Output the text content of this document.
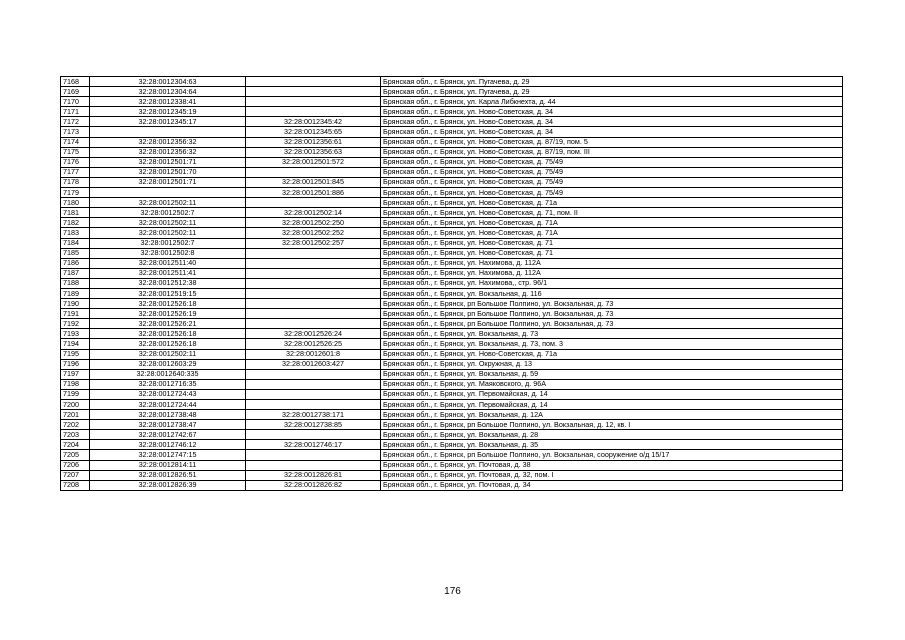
7168	32:28:0012304:63		Брянская обл., г. Брянск, ул. Пугачева, д. 29
7169	32:28:0012304:64		Брянская обл., г. Брянск, ул. Пугачева, д. 29
7170	32:28:0012338:41		Брянская обл., г. Брянск, ул. Карла Либкнехта, д. 44
7171	32:28:0012345:19		Брянская обл., г. Брянск, ул. Ново-Советская, д. 34
7172	32:28:0012345:17	32:28:0012345:42	Брянская обл., г. Брянск, ул. Ново-Советская, д. 34
7173		32:28:0012345:65	Брянская обл., г. Брянск, ул. Ново-Советская, д. 34
7174	32:28:0012356:32	32:28:0012356:61	Брянская обл., г. Брянск, ул. Ново-Советская, д. 87/19, пом. 5
7175	32:28:0012356:32	32:28:0012356:63	Брянская обл., г. Брянск, ул. Ново-Советская, д. 87/19, пом. III
7176	32:28:0012501:71	32:28:0012501:572	Брянская обл., г. Брянск, ул. Ново-Советская, д. 75/49
7177	32:28:0012501:70		Брянская обл., г. Брянск, ул. Ново-Советская, д. 75/49
7178	32:28:0012501:71	32:28:0012501:845	Брянская обл., г. Брянск, ул. Ново-Советская, д. 75/49
7179		32:28:0012501:886	Брянская обл., г. Брянск, ул. Ново-Советская, д. 75/49
7180	32:28:0012502:11		Брянская обл., г. Брянск, ул. Ново-Советская, д. 71а
7181	32:28:0012502:7	32:28:0012502:14	Брянская обл., г. Брянск, ул. Ново-Советская, д. 71, пом. II
7182	32:28:0012502:11	32:28:0012502:250	Брянская обл., г. Брянск, ул. Ново-Советская, д. 71А
7183	32:28:0012502:11	32:28:0012502:252	Брянская обл., г. Брянск, ул. Ново-Советская, д. 71А
7184	32:28:0012502:7	32:28:0012502:257	Брянская обл., г. Брянск, ул. Ново-Советская, д. 71
7185	32:28:0012502:8		Брянская обл., г. Брянск, ул. Ново-Советская, д. 71
7186	32:28:0012511:40		Брянская обл., г. Брянск, ул. Нахимова, д. 112А
7187	32:28:0012511:41		Брянская обл., г. Брянск, ул. Нахимова, д. 112А
7188	32:28:0012512:38		Брянская обл., г. Брянск, ул. Нахимова,, стр. 96/1
7189	32:28:0012519:15		Брянская обл., г. Брянск, ул. Вокзальная, д. 116
7190	32:28:0012526:18		Брянская обл., г. Брянск, рп Большое Полпино, ул. Вокзальная, д. 73
7191	32:28:0012526:19		Брянская обл., г. Брянск, рп Большое Полпино, ул. Вокзальная, д. 73
7192	32:28:0012526:21		Брянская обл., г. Брянск, рп Большое Полпино, ул. Вокзальная, д. 73
7193	32:28:0012526:18	32:28:0012526:24	Брянская обл., г. Брянск, ул. Вокзальная, д. 73
7194	32:28:0012526:18	32:28:0012526:25	Брянская обл., г. Брянск, ул. Вокзальная, д. 73, пом. 3
7195	32:28:0012502:11	32:28:0012601:8	Брянская обл., г. Брянск, ул. Ново-Советская, д. 71а
7196	32:28:0012603:29	32:28:0012603:427	Брянская обл., г. Брянск, ул. Окружная, д. 13
7197	32:28:0012640:335		Брянская обл., г. Брянск, ул. Вокзальная, д. 59
7198	32:28:0012716:35		Брянская обл., г. Брянск, ул. Маяковского, д. 96А
7199	32:28:0012724:43		Брянская обл., г. Брянск, ул. Первомайская, д. 14
7200	32:28:0012724:44		Брянская обл., г. Брянск, ул. Первомайская, д. 14
7201	32:28:0012738:48	32:28:0012738:171	Брянская обл., г. Брянск, ул. Вокзальная, д. 12А
7202	32:28:0012738:47	32:28:0012738:85	Брянская обл., г. Брянск, рп Большое Полпино, ул. Вокзальная, д. 12, кв. I
7203	32:28:0012742:67		Брянская обл., г. Брянск, ул. Вокзальная, д. 28
7204	32:28:0012746:12	32:28:0012746:17	Брянская обл., г. Брянск, ул. Вокзальная, д. 35
7205	32:28:0012747:15		Брянская обл., г. Брянск, рп Большое Полпино, ул. Вокзальная, сооружение о/д 15/17
7206	32:28:0012814:11		Брянская обл., г. Брянск, ул. Почтовая, д. 38
7207	32:28:0012826:51	32:28:0012826:81	Брянская обл., г. Брянск, ул. Почтовая, д. 32, пом. I
7208	32:28:0012826:39	32:28:0012826:82	Брянская обл., г. Брянск, ул. Почтовая, д. 34
176
